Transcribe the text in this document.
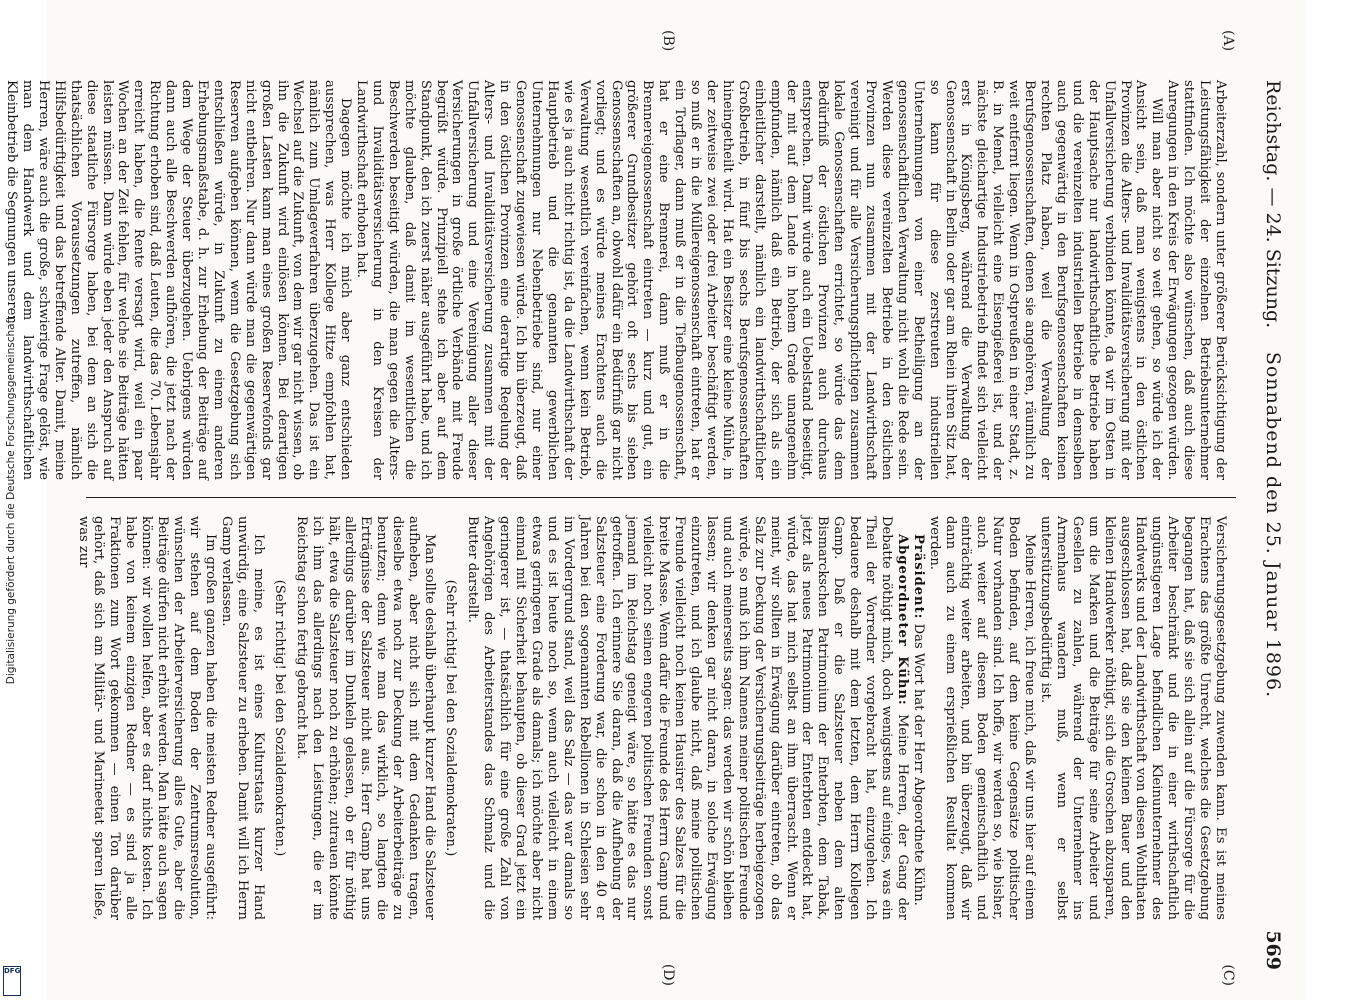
Reichstag. — 24. Sitzung.
Sonnabend den 25. Januar 1896.
569
(A)
(B)
(C)
(D)

Arbeiterzahl, sondern unter größerer Berücksichtigung der Leistungsfähigkeit der einzelnen Betriebsunternehmer stattfinden. Ich möchte also wünschen, daß auch diese Anregungen in den Kreis der Erwägungen gezogen würden.

Will man aber nicht so weit gehen, so würde ich der Ansicht sein, daß man wenigstens in den östlichen Provinzen die Alters- und Invaliditätsversicherung mit der Unfallversicherung verbinden könnte, da wir im Osten in der Hauptsache nur landwirthschaftliche Betriebe haben und die vereinzelten industriellen Betriebe in demselben auch gegenwärtig in den Berufsgenossenschaften keinen rechten Platz haben, weil die Verwaltung der Berufsgenossenschaften, denen sie angehören, räumlich zu weit entfernt liegen. Wenn in Ostpreußen in einer Stadt, z. B. in Memel, vielleicht eine Eisengießerei ist, und der nächste gleichartige Industriebetrieb findet sich vielleicht erst in Königsberg, während die Verwaltung der Genossenschaft in Berlin oder gar am Rhein ihren Sitz hat, so kann für diese zerstreuten industriellen Unternehmungen von einer Betheiligung an der genossenschaftlichen Verwaltung nicht wohl die Rede sein. Werden diese vereinzelten Betriebe in den östlichen Provinzen nun zusammen mit der Landwirthschaft vereinigt und für alle Versicherungspflichtigen zusammen lokale Genossenschaften errichtet, so würde das dem Bedürfniß der östlichen Provinzen auch durchaus entsprechen. Damit würde auch ein Uebelstand beseitigt, der mit auf dem Lande in hohem Grade unangenehm empfunden, nämlich daß ein Betrieb, der sich als ein einheitlicher darstellt, nämlich ein landwirthschaftlicher Großbetrieb, in fünf bis sechs Berufsgenossenschaften hineingetheilt wird. Hat ein Besitzer eine kleine Mühle, in der zeitweise zwei oder drei Arbeiter beschäftigt werden, so muß er in die Müllereigenossenschaft eintreten, hat er ein Torflager, dann muß er in die Tiefbaugenossenschaft, hat er eine Brennerei, dann muß er in die Brennereigenossenschaft eintreten — kurz und gut, ein größerer Grundbesitzer gehört oft sechs bis sieben Genossenschaften an, obwohl dafür ein Bedürfniß gar nicht vorliegt; und es würde meines Erachtens auch die Verwaltung wesentlich vereinfachen, wenn kein Betrieb, wie es ja auch nicht richtig ist, da die Landwirthschaft der Hauptbetrieb und die genannten gewerblichen Unternehmungen nur Nebenbetriebe sind, nur einer Genossenschaft zugewiesen würde. Ich bin überzeugt, daß in den östlichen Provinzen eine derartige Regelung der Alters- und Invaliditätsversicherung zusammen mit der Unfallversicherung und eine Vereinigung aller dieser Versicherungen in große örtliche Verbände mit Freude begrüßt würde. Prinzipiell stehe ich aber auf dem Standpunkt, den ich zuerst näher ausgeführt habe, und ich möchte glauben, daß damit im wesentlichen die Beschwerden beseitigt würden, die man gegen die Alters- und Invaliditätsversicherung in den Kreisen der Landwirthschaft erhoben hat.

Dagegen möchte ich mich aber ganz entschieden aussprechen, was Herr Kollege Hitze empfohlen hat, nämlich zum Umlageverfahren überzugehen. Das ist ein Wechsel auf die Zukunft, von dem wir gar nicht wissen, ob ihn die Zukunft wird einlösen können. Bei derartigen großen Lasten kann man eines großen Reservefonds gar nicht entbehren. Nur dann würde man die gegenwärtigen Reserven aufgeben können, wenn die Gesetzgebung sich entschließen würde, in Zukunft zu einem anderen Erhebungsmaßstabe, d. h. zur Erhebung der Beiträge auf dem Wege der Steuer überzugehen. Uebrigens würden dann auch alle Beschwerden aufhören, die jetzt nach der Richtung erhoben sind, daß Leuten, die das 70. Lebensjahr erreicht haben, die Rente versagt wird, weil ein paar Wochen an der Zeit fehlen, für welche sie Beiträge hätten leisten müssen. Dann würde eben jeder den Anspruch auf diese staatliche Fürsorge haben, bei dem an sich die thatsächlichen Voraussetzungen zutreffen, nämlich Hilfsbedürftigkeit und das betreffende Alter. Damit, meine Herren, wäre auch die große, schwierige Frage gelöst, wie man dem Handwerk und dem landwirthschaftlichen Kleinbetrieb die Segnungen unserer

Versicherungsgesetzgebung zuwenden kann. Es ist meines Erachtens das größte Unrecht, welches die Gesetzgebung begangen hat, daß sie sich allein auf die Fürsorge für die Arbeiter beschränkt und die in einer wirthschaftlich ungünstigeren Lage befindlichen Kleinunternehmer des Handwerks und der Landwirthschaft von diesen Wohlthaten ausgeschlossen hat, daß sie den kleinen Bauer und den kleinen Handwerker nöthigt, sich die Groschen abzusparen, um die Marken und die Beiträge für seine Arbeiter und Gesellen zu zahlen, während der Unternehmer ins Armenhaus wandern muß, wenn er selbst unterstützungsbedürftig ist.

Meine Herren, ich freue mich, daß wir uns hier auf einem Boden befinden, auf dem keine Gegensätze politischer Natur vorhanden sind. Ich hoffe, wir werden so, wie bisher, auch weiter auf diesem Boden gemeinschaftlich und einträchtig weiter arbeiten, und bin überzeugt, daß wir dann auch zu einem ersprießlichen Resultat kommen werden.

Präsident: Das Wort hat der Herr Abgeordnete Kühn.

Abgeordneter Kühn: Meine Herren, der Gang der Debatte nöthigt mich, doch wenigstens auf einiges, was ein Theil der Vorredner vorgebracht hat, einzugehen. Ich bedauere deshalb mit dem letzten, dem Herrn Kollegen Gamp. Daß er die Salzsteuer neben dem alten Bismarckschen Patrimonium der Enterbten, dem Tabak, jetzt als neues Patrimonium der Enterbten entdeckt hat, würde, das hat mich selbst an ihm überrascht. Wenn er meint, wir sollten in Erwägung darüber eintreten, ob das Salz zur Deckung der Versicherungsbeiträge herbeigezogen würde, so muß ich ihm Namens meiner politischen Freunde und auch meinerseits sagen: das werden wir schön bleiben lassen; wir denken gar nicht daran, in solche Erwägung einzutreten, und ich glaube nicht, daß meine politischen Freunde vielleicht noch keinen Hausirer des Salzes für die breite Masse. Wenn dafür die Freunde des Herrn Gamp und vielleicht noch seinen engeren politischen Freunden sonst jemand im Reichstag geneigt wäre, so hätte es das nur getroffen. Ich erinnere Sie daran, daß die Aufhebung der Salzsteuer eine Forderung war, die schon in den 40 er Jahren bei den sogenannten Rebellionen in Schlesien sehr im Vordergrund stand, weil das Salz — das war damals so und es ist heute noch so, wenn auch vielleicht in einem etwas geringeren Grade als damals; ich möchte aber nicht einmal mit Sicherheit behaupten, ob dieser Grad jetzt ein geringerer ist, — thatsächlich für eine große Zahl von Angehörigen des Arbeiterstandes das Schmalz und die Butter darstellt.

(Sehr richtig! bei den Sozialdemokraten.)

Man sollte deshalb überhaupt kurzer Hand die Salzsteuer aufheben, aber nicht sich mit dem Gedanken tragen, dieselbe etwa noch zur Deckung der Arbeiterbeiträge zu benutzen; denn wie man das wirklich, so langten die Erträgnisse der Salzsteuer nicht aus. Herr Gamp hat uns allerdings darüber im Dunkeln gelassen, ob er für nöthig hält, etwa die Salzsteuer noch zu erhöhen; zutrauen könnte ich ihm das allerdings nach den Leistungen, die er im Reichstag schon fertig gebracht hat.

(Sehr richtig! bei den Sozialdemokraten.)

Ich meine, es ist eines Kulturstaats kurzer Hand unwürdig, eine Salzsteuer zu erheben. Damit will ich Herrn Gamp verlassen.

Im großen ganzen haben die meisten Redner ausgeführt: wir stehen auf dem Boden der Zentrumsresolution, wünschen der Arbeiterversicherung alles Gute, aber die Beiträge dürfen nicht erhöht werden. Man hätte auch sagen können: wir wollen helfen, aber es darf nichts kosten. Ich habe von keinem einzigen Redner — es sind ja alle Fraktionen zum Wort gekommen — einen Ton darüber gehört, daß sich am Militär- und Marineetat sparen ließe, was zur

Digitalisierung gefördert durch die Deutsche Forschungsgemeinschaft
DFG
